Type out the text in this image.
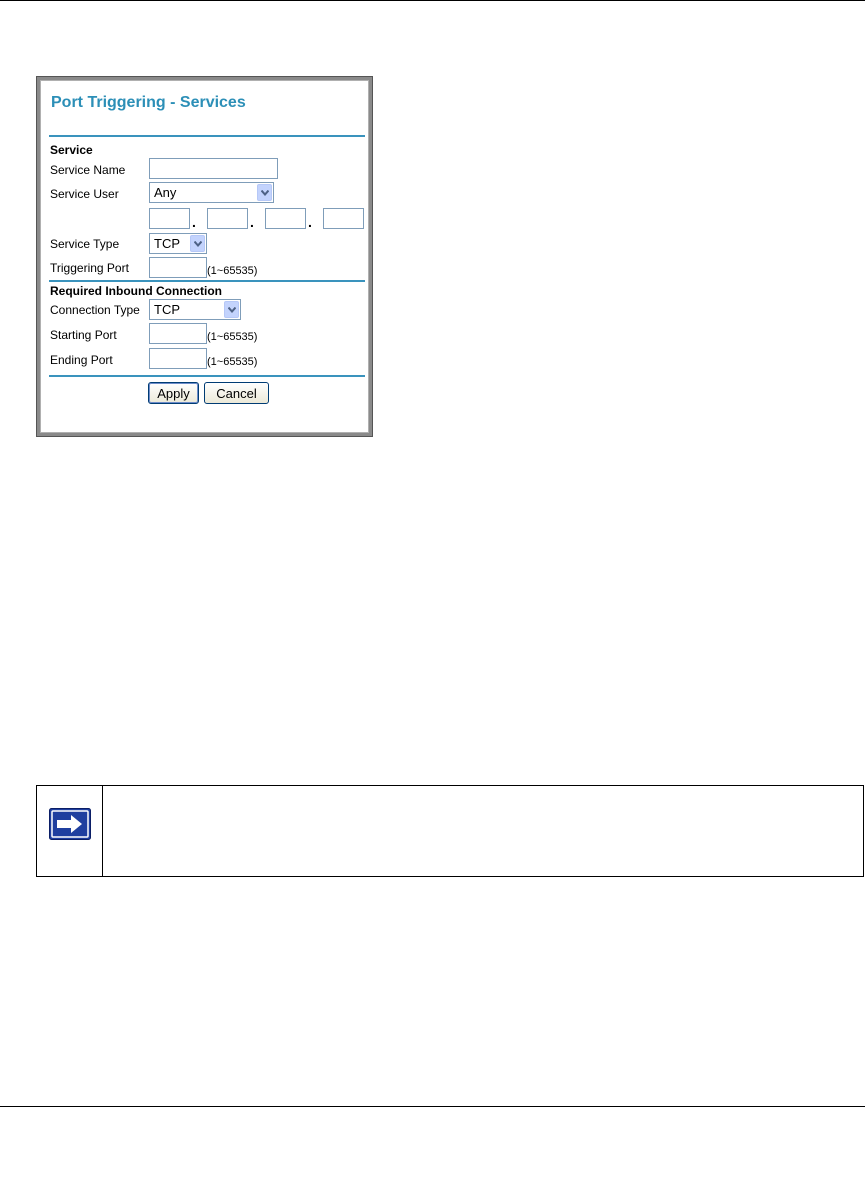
Port Triggering - Services
Service
Service Name
Service User	Any
.	.	.
Service Type	TCP
Triggering Port	(1~65535)
Required Inbound Connection
Connection Type TCP
Starting Port	(1~65535)
Ending Port	(1~65535)
Apply	Cancel
